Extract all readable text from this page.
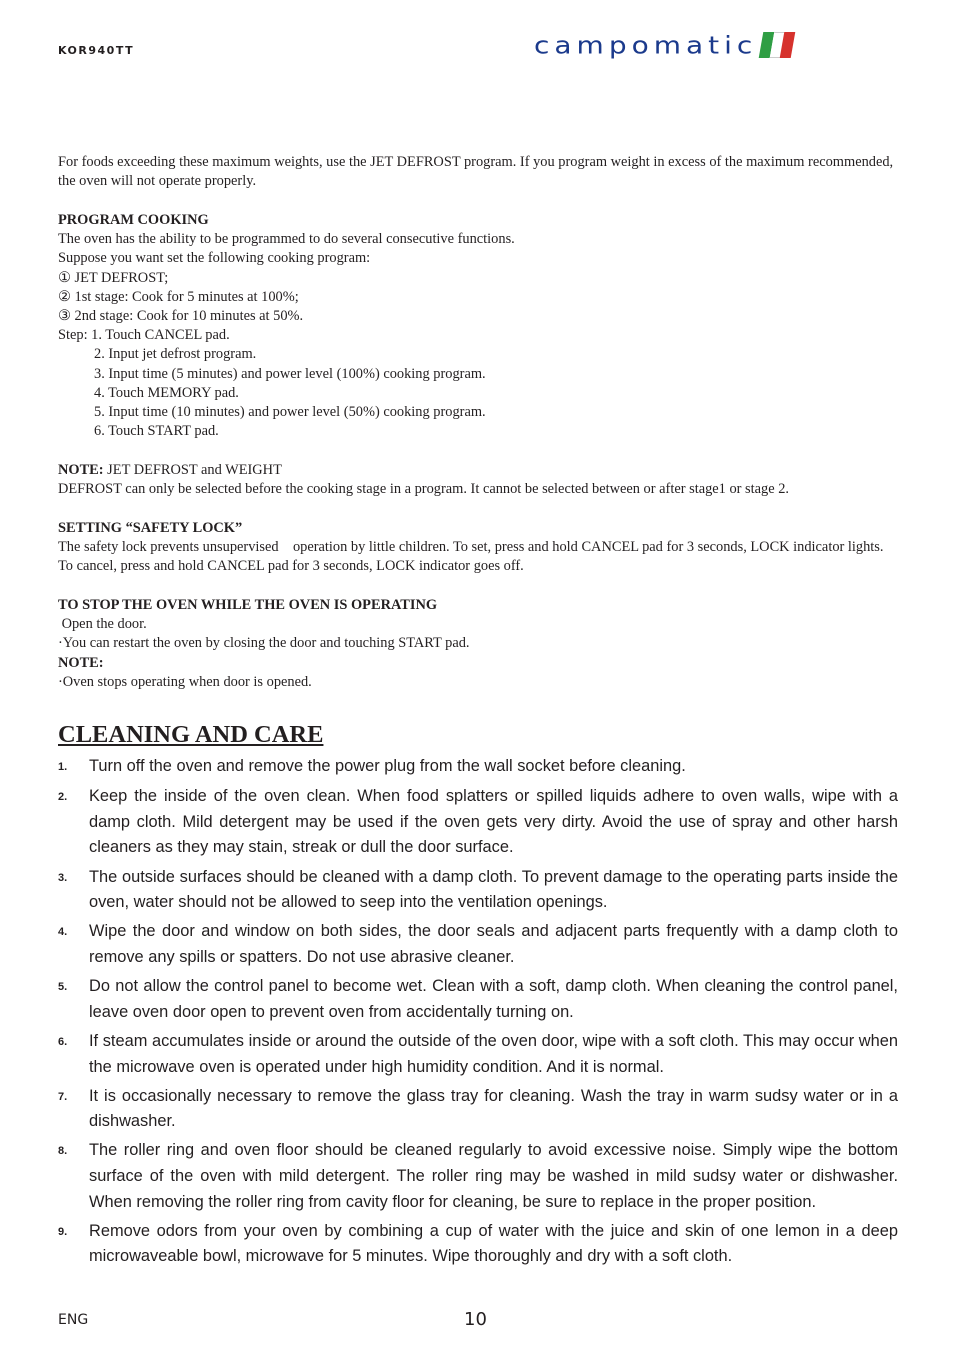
KOR940TT	campomatic
For foods exceeding these maximum weights, use the JET DEFROST program. If you program weight in excess of the maximum recommended, the oven will not operate properly.
PROGRAM COOKING
The oven has the ability to be programmed to do several consecutive functions.
Suppose you want set the following cooking program:
① JET DEFROST;
② 1st stage: Cook for 5 minutes at 100%;
③ 2nd stage: Cook for 10 minutes at 50%.
Step: 1. Touch CANCEL pad.
2. Input jet defrost program.
3. Input time (5 minutes) and power level (100%) cooking program.
4. Touch MEMORY pad.
5. Input time (10 minutes) and power level (50%) cooking program.
6. Touch START pad.
NOTE: JET DEFROST and WEIGHT
DEFROST can only be selected before the cooking stage in a program. It cannot be selected between or after stage1 or stage 2.
SETTING “SAFETY LOCK”
The safety lock prevents unsupervised    operation by little children. To set, press and hold CANCEL pad for 3 seconds, LOCK indicator lights. To cancel, press and hold CANCEL pad for 3 seconds, LOCK indicator goes off.
TO STOP THE OVEN WHILE THE OVEN IS OPERATING
Open the door.
·You can restart the oven by closing the door and touching START pad.
NOTE:
·Oven stops operating when door is opened.
CLEANING AND CARE
1.	Turn off the oven and remove the power plug from the wall socket before cleaning.
2.	Keep the inside of the oven clean. When food splatters or spilled liquids adhere to oven walls, wipe with a damp cloth. Mild detergent may be used if the oven gets very dirty. Avoid the use of spray and other harsh cleaners as they may stain, streak or dull the door surface.
3.	The outside surfaces should be cleaned with a damp cloth. To prevent damage to the operating parts inside the oven, water should not be allowed to seep into the ventilation openings.
4.	Wipe the door and window on both sides, the door seals and adjacent parts frequently with a damp cloth to remove any spills or spatters. Do not use abrasive cleaner.
5.	Do not allow the control panel to become wet. Clean with a soft, damp cloth. When cleaning the control panel, leave oven door open to prevent oven from accidentally turning on.
6.	If steam accumulates inside or around the outside of the oven door, wipe with a soft cloth. This may occur when the microwave oven is operated under high humidity condition. And it is normal.
7.	It is occasionally necessary to remove the glass tray for cleaning. Wash the tray in warm sudsy water or in a dishwasher.
8.	The roller ring and oven floor should be cleaned regularly to avoid excessive noise. Simply wipe the bottom surface of the oven with mild detergent. The roller ring may be washed in mild sudsy water or dishwasher. When removing the roller ring from cavity floor for cleaning, be sure to replace in the proper position.
9.	Remove odors from your oven by combining a cup of water with the juice and skin of one lemon in a deep microwaveable bowl, microwave for 5 minutes. Wipe thoroughly and dry with a soft cloth.
ENG	10
